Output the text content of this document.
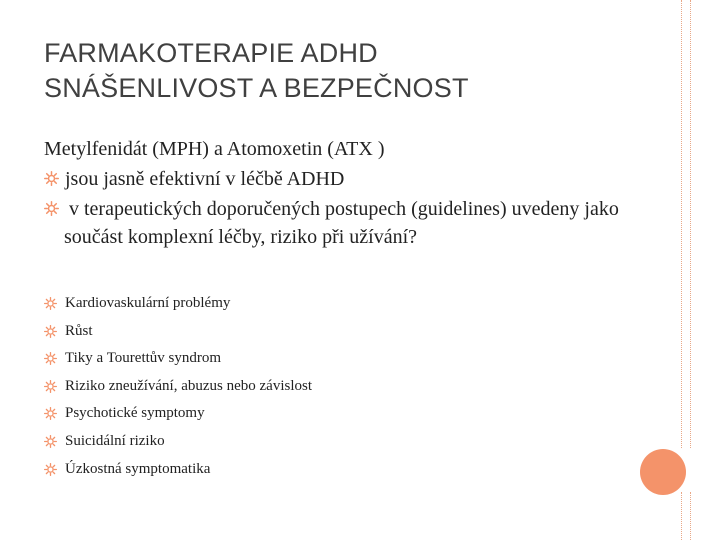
FARMAKOTERAPIE ADHD
SNÁŠENLIVOST A BEZPEČNOST
Metylfenidát (MPH) a Atomoxetin (ATX )
jsou jasně efektivní v léčbě ADHD
v terapeutických doporučených postupech (guidelines) uvedeny jako součást komplexní léčby, riziko při užívání?
Kardiovaskulární problémy
Růst
Tiky a Tourettův syndrom
Riziko zneužívání, abuzus nebo závislost
Psychotické symptomy
Suicidální riziko
Úzkostná symptomatika
